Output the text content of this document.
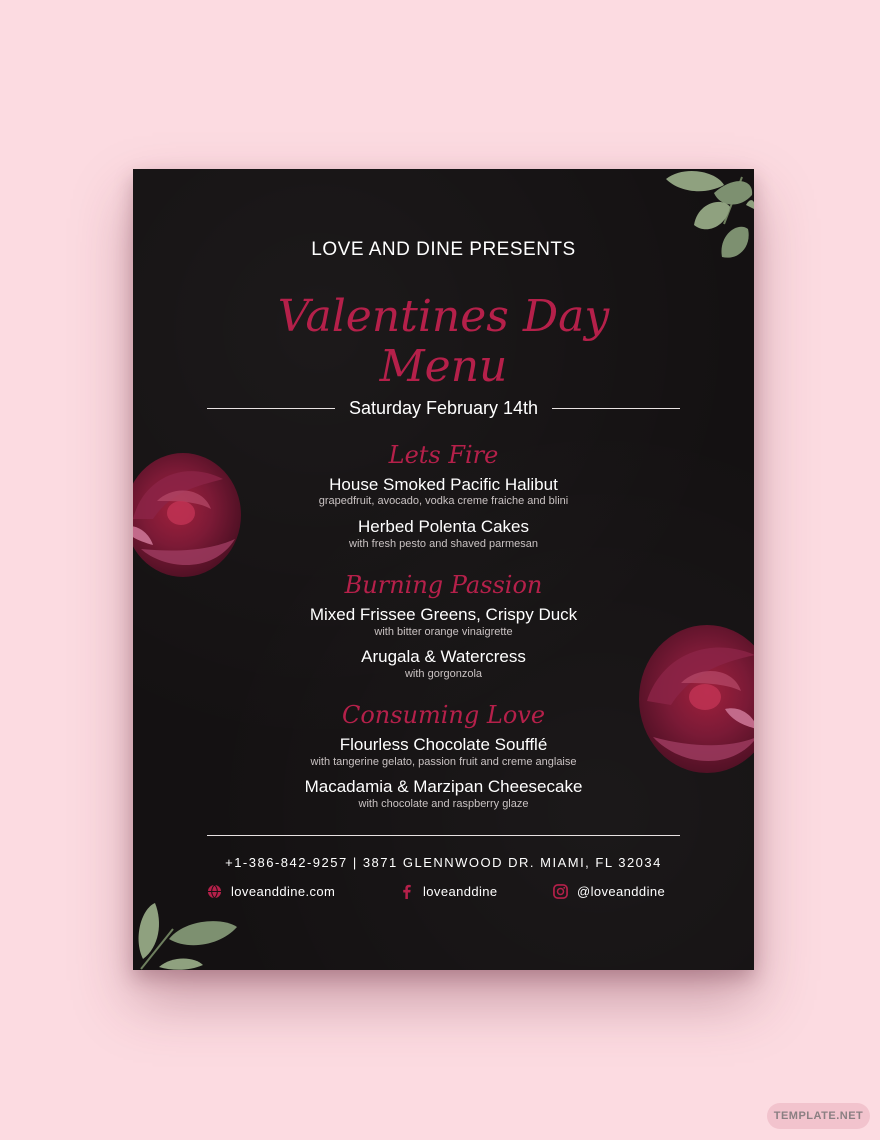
LOVE AND DINE PRESENTS
Valentines Day
Menu
Saturday February 14th
Lets Fire
House Smoked Pacific Halibut
grapedfruit, avocado, vodka creme fraiche and blini
Herbed Polenta Cakes
with fresh pesto and shaved parmesan
Burning Passion
Mixed Frissee Greens, Crispy Duck
with bitter orange vinaigrette
Arugala & Watercress
with gorgonzola
Consuming Love
Flourless Chocolate Soufflé
with tangerine gelato, passion fruit and creme anglaise
Macadamia & Marzipan Cheesecake
with chocolate and raspberry glaze
+1-386-842-9257 | 3871 GLENNWOOD DR. MIAMI, FL 32034
loveanddine.com	loveanddine	@loveanddine
TEMPLATE.NET
